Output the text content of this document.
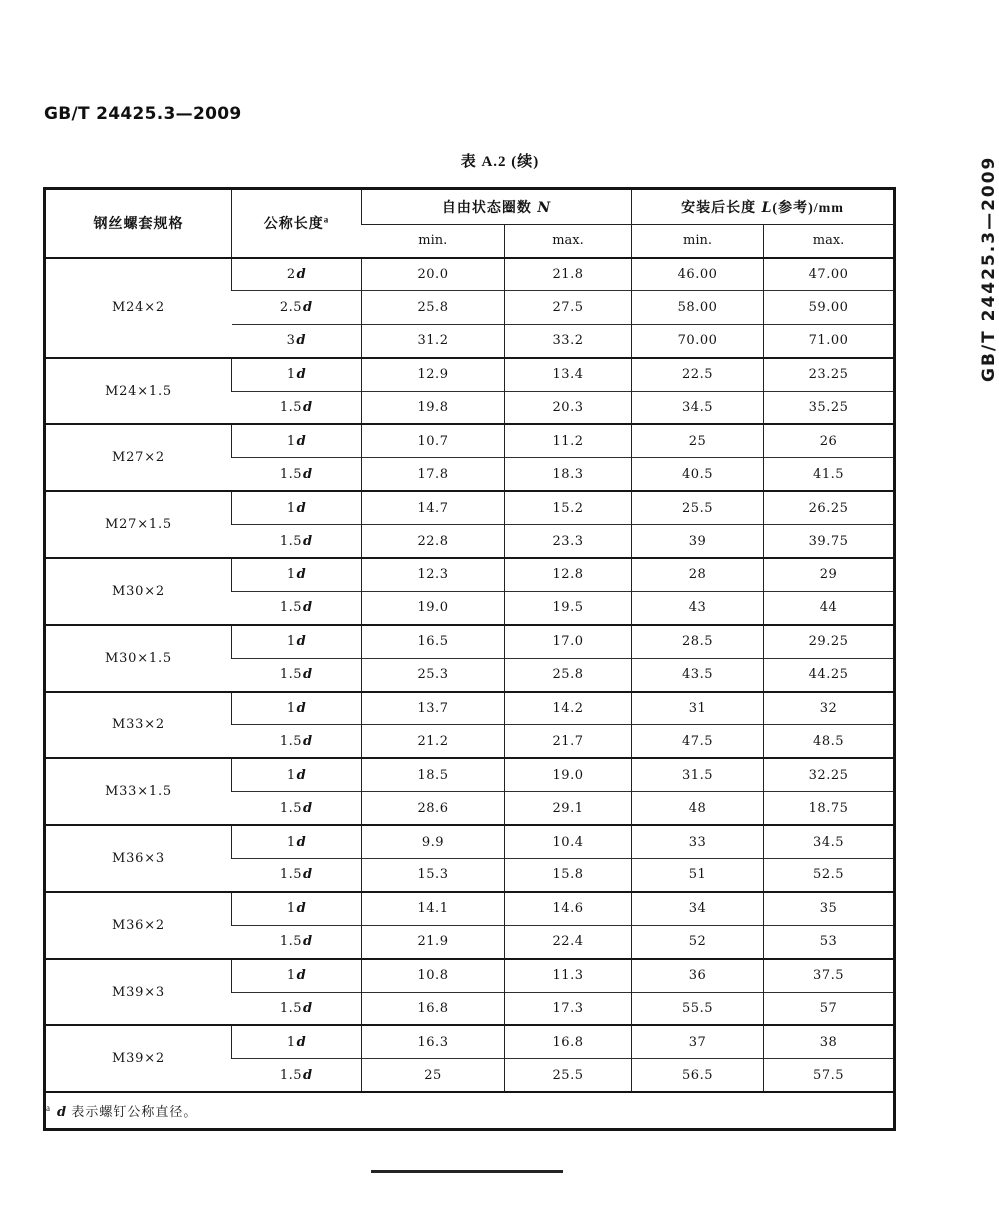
GB/T 24425.3—2009
GB/T 24425.3—2009
表 A.2 (续)
钢丝螺套规格	公称长度$^a$	自由状态圈数 N		安装后长度 L(参考)/mm	
		min.	max.	min.	max.
M24×2	2d	20.0	21.8	46.00	47.00
	2.5d	25.8	27.5	58.00	59.00
	3d	31.2	33.2	70.00	71.00
M24×1.5	1d	12.9	13.4	22.5	23.25
	1.5d	19.8	20.3	34.5	35.25
M27×2	1d	10.7	11.2	25	26
	1.5d	17.8	18.3	40.5	41.5
M27×1.5	1d	14.7	15.2	25.5	26.25
	1.5d	22.8	23.3	39	39.75
M30×2	1d	12.3	12.8	28	29
	1.5d	19.0	19.5	43	44
M30×1.5	1d	16.5	17.0	28.5	29.25
	1.5d	25.3	25.8	43.5	44.25
M33×2	1d	13.7	14.2	31	32
	1.5d	21.2	21.7	47.5	48.5
M33×1.5	1d	18.5	19.0	31.5	32.25
	1.5d	28.6	29.1	48	18.75
M36×3	1d	9.9	10.4	33	34.5
	1.5d	15.3	15.8	51	52.5
M36×2	1d	14.1	14.6	34	35
	1.5d	21.9	22.4	52	53
M39×3	1d	10.8	11.3	36	37.5
	1.5d	16.8	17.3	55.5	57
M39×2	1d	16.3	16.8	37	38
	1.5d	25	25.5	56.5	57.5
$^a$ d 表示螺钉公称直径。					
